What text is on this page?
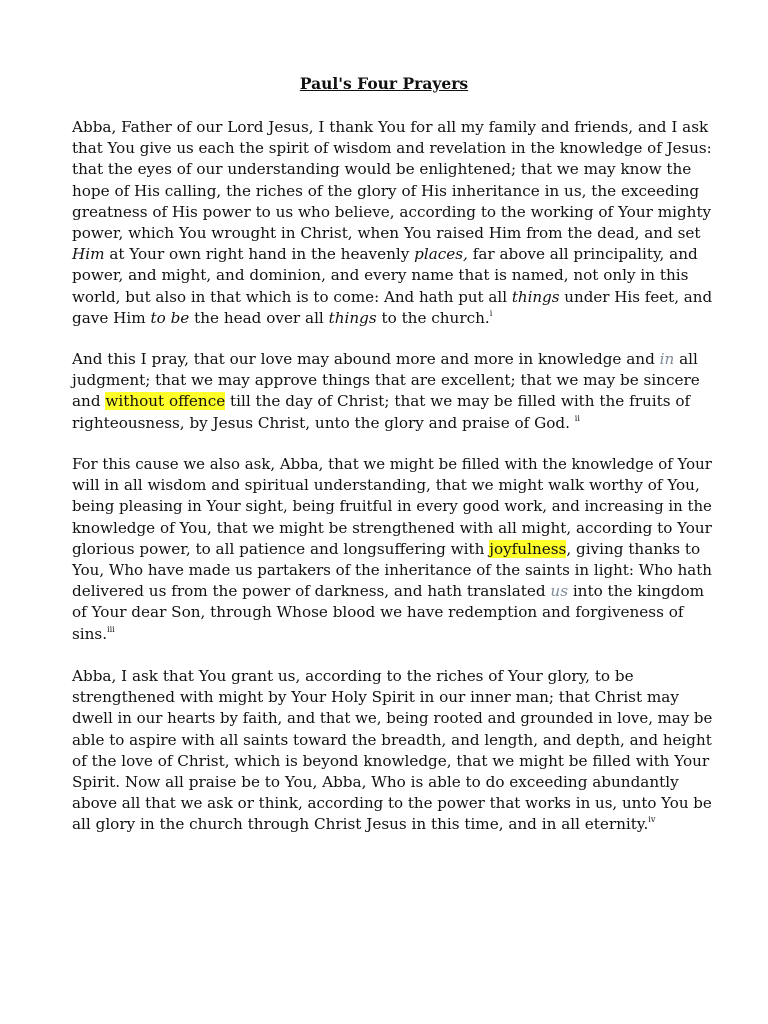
Paul's Four Prayers
Abba, Father of our Lord Jesus, I thank You for all my family and friends, and I ask
that You give us each the spirit of wisdom and revelation in the knowledge of Jesus:
that the eyes of our understanding would be enlightened; that we may know the
hope of His calling, the riches of the glory of His inheritance in us, the exceeding
greatness of His power to us who believe, according to the working of Your mighty
power, which You wrought in Christ, when You raised Him from the dead, and set
Him at Your own right hand in the heavenly places, far above all principality, and
power, and might, and dominion, and every name that is named, not only in this
world, but also in that which is to come: And hath put all things under His feet, and
gave Him to be the head over all things to the church.$^i$
And this I pray, that our love may abound more and more in knowledge and in all
judgment; that we may approve things that are excellent; that we may be sincere
and without offence till the day of Christ; that we may be filled with the fruits of
righteousness, by Jesus Christ, unto the glory and praise of God. $^{ii}$
For this cause we also ask, Abba, that we might be filled with the knowledge of Your
will in all wisdom and spiritual understanding, that we might walk worthy of You,
being pleasing in Your sight, being fruitful in every good work, and increasing in the
knowledge of You, that we might be strengthened with all might, according to Your
glorious power, to all patience and longsuffering with joyfulness, giving thanks to
You, Who have made us partakers of the inheritance of the saints in light: Who hath
delivered us from the power of darkness, and hath translated us into the kingdom
of Your dear Son, through Whose blood we have redemption and forgiveness of
sins.$^{iii}$
Abba, I ask that You grant us, according to the riches of Your glory, to be
strengthened with might by Your Holy Spirit in our inner man; that Christ may
dwell in our hearts by faith, and that we, being rooted and grounded in love, may be
able to aspire with all saints toward the breadth, and length, and depth, and height
of the love of Christ, which is beyond knowledge, that we might be filled with Your
Spirit. Now all praise be to You, Abba, Who is able to do exceeding abundantly
above all that we ask or think, according to the power that works in us, unto You be
all glory in the church through Christ Jesus in this time, and in all eternity.$^{iv}$
